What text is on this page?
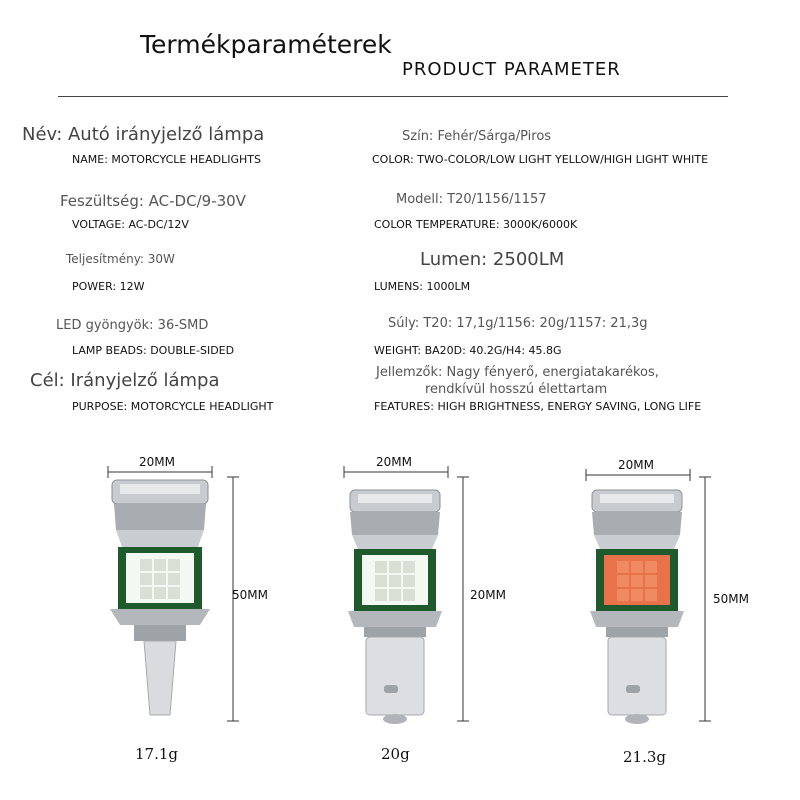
Termékparaméterek
PRODUCT PARAMETER
Név: Autó irányjelző lámpa
NAME: MOTORCYCLE HEADLIGHTS
Feszültség: AC-DC/9-30V
VOLTAGE: AC-DC/12V
Teljesítmény: 30W
POWER: 12W
LED gyöngyök: 36-SMD
LAMP BEADS: DOUBLE-SIDED
Cél: Irányjelző lámpa
PURPOSE: MOTORCYCLE HEADLIGHT
Szín: Fehér/Sárga/Piros
COLOR: TWO-COLOR/LOW LIGHT YELLOW/HIGH LIGHT WHITE
Modell: T20/1156/1157
COLOR TEMPERATURE: 3000K/6000K
Lumen: 2500LM
LUMENS: 1000LM
Súly: T20: 17,1g/1156: 20g/1157: 21,3g
WEIGHT: BA20D: 40.2G/H4: 45.8G
Jellemzők: Nagy fényerő, energiatakarékos,
rendkívül hosszú élettartam
FEATURES: HIGH BRIGHTNESS, ENERGY SAVING, LONG LIFE
20MM
50MM
17.1g
20MM
20MM
20g
20MM
50MM
21.3g
